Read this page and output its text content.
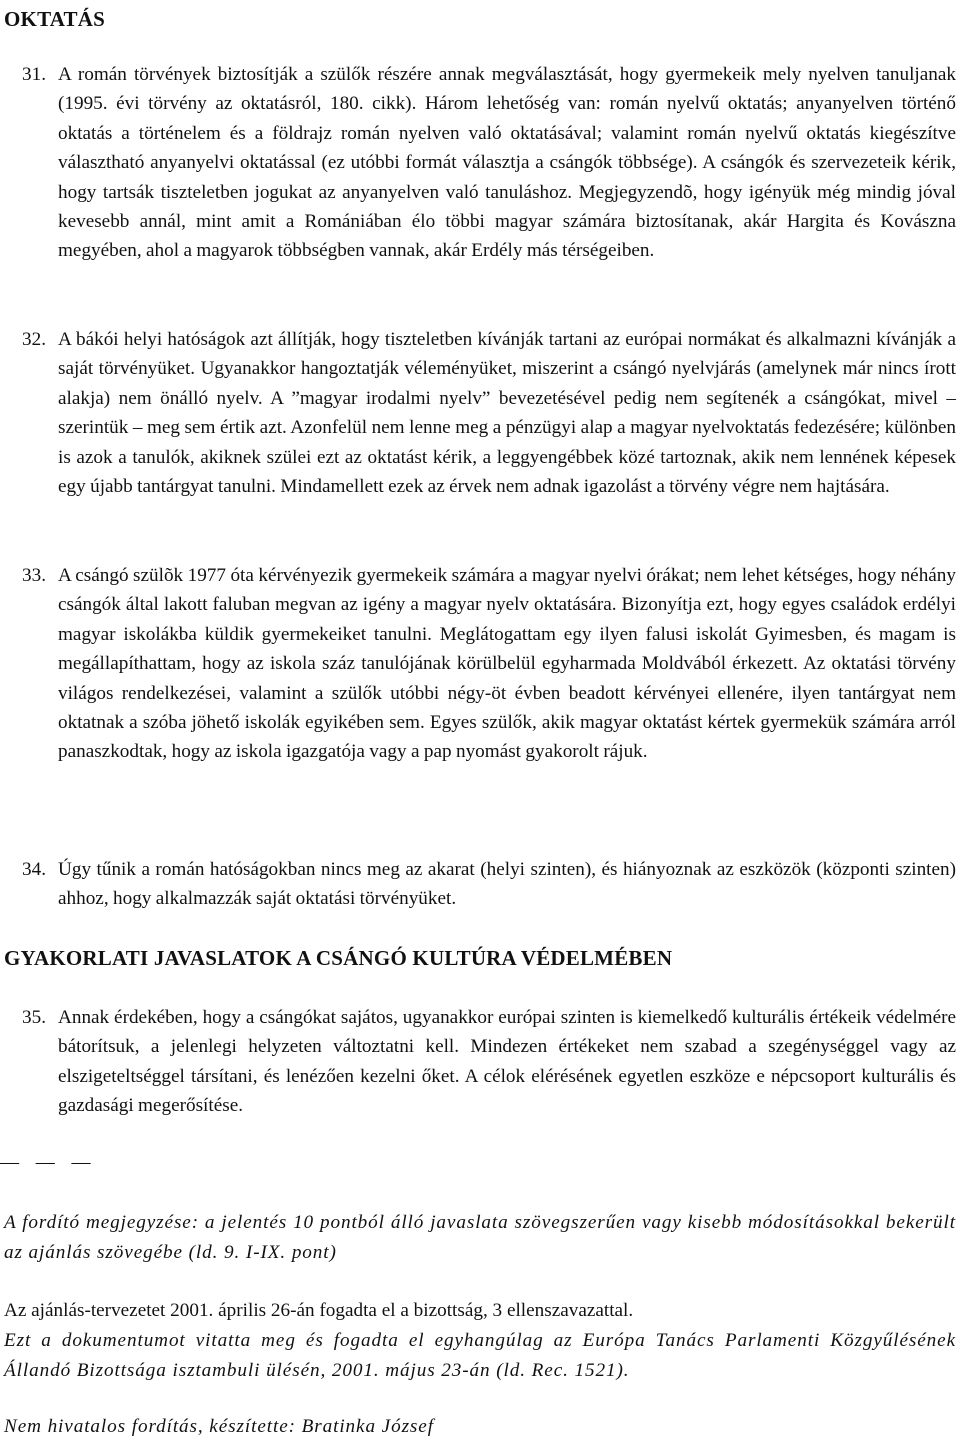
OKTATÁS
31. A román törvények biztosítják a szülők részére annak megválasztását, hogy gyermekeik mely nyelven tanuljanak (1995. évi törvény az oktatásról, 180. cikk). Három lehetőség van: román nyelvű oktatás; anyanyelven történő oktatás a történelem és a földrajz román nyelven való oktatásával; valamint román nyelvű oktatás kiegészítve választható anyanyelvi oktatással (ez utóbbi formát választja a csángók többsége). A csángók és szervezeteik kérik, hogy tartsák tiszteletben jogukat az anyanyelven való tanuláshoz. Megjegyzendõ, hogy igényük még mindig jóval kevesebb annál, mint amit a Romániában élo többi magyar számára biztosítanak, akár Hargita és Kovászna megyében, ahol a magyarok többségben vannak, akár Erdély más térségeiben.
32. A bákói helyi hatóságok azt állítják, hogy tiszteletben kívánják tartani az európai normákat és alkalmazni kívánják a saját törvényüket. Ugyanakkor hangoztatják véleményüket, miszerint a csángó nyelvjárás (amelynek már nincs írott alakja) nem önálló nyelv. A ”magyar irodalmi nyelv” bevezetésével pedig nem segítenék a csángókat, mivel – szerintük – meg sem értik azt. Azonfelül nem lenne meg a pénzügyi alap a magyar nyelvoktatás fedezésére; különben is azok a tanulók, akiknek szülei ezt az oktatást kérik, a leggyengébbek közé tartoznak, akik nem lennének képesek egy újabb tantárgyat tanulni. Mindamellett ezek az érvek nem adnak igazolást a törvény végre nem hajtására.
33. A csángó szülõk 1977 óta kérvényezik gyermekeik számára a magyar nyelvi órákat; nem lehet kétséges, hogy néhány csángók által lakott faluban megvan az igény a magyar nyelv oktatására. Bizonyítja ezt, hogy egyes családok erdélyi magyar iskolákba küldik gyermekeiket tanulni. Meglátogattam egy ilyen falusi iskolát Gyimesben, és magam is megállapíthattam, hogy az iskola száz tanulójának körülbelül egyharmada Moldvából érkezett. Az oktatási törvény világos rendelkezései, valamint a szülők utóbbi négy-öt évben beadott kérvényei ellenére, ilyen tantárgyat nem oktatnak a szóba jöhető iskolák egyikében sem. Egyes szülők, akik magyar oktatást kértek gyermekük számára arról panaszkodtak, hogy az iskola igazgatója vagy a pap nyomást gyakorolt rájuk.
34. Úgy tűnik a román hatóságokban nincs meg az akarat (helyi szinten), és hiányoznak az eszközök (központi szinten) ahhoz, hogy alkalmazzák saját oktatási törvényüket.
GYAKORLATI JAVASLATOK A CSÁNGÓ KULTÚRA VÉDELMÉBEN
35. Annak érdekében, hogy a csángókat sajátos, ugyanakkor európai szinten is kiemelkedő kulturális értékeik védelmére bátorítsuk, a jelenlegi helyzeten változtatni kell. Mindezen értékeket nem szabad a szegénységgel vagy az elszigeteltséggel társítani, és lenézően kezelni őket. A célok elérésének egyetlen eszköze e népcsoport kulturális és gazdasági megerősítése.
— — —
A fordító megjegyzése: a jelentés 10 pontból álló javaslata szövegszerűen vagy kisebb módosításokkal bekerült az ajánlás szövegébe (ld. 9. I-IX. pont)
Az ajánlás-tervezetet 2001. április 26-án fogadta el a bizottság, 3 ellenszavazattal.
Ezt a dokumentumot vitatta meg és fogadta el egyhangúlag az Európa Tanács Parlamenti Közgyűlésének Állandó Bizottsága isztambuli ülésén, 2001. május 23-án (ld. Rec. 1521).
Nem hivatalos fordítás, készítette: Bratinka József
